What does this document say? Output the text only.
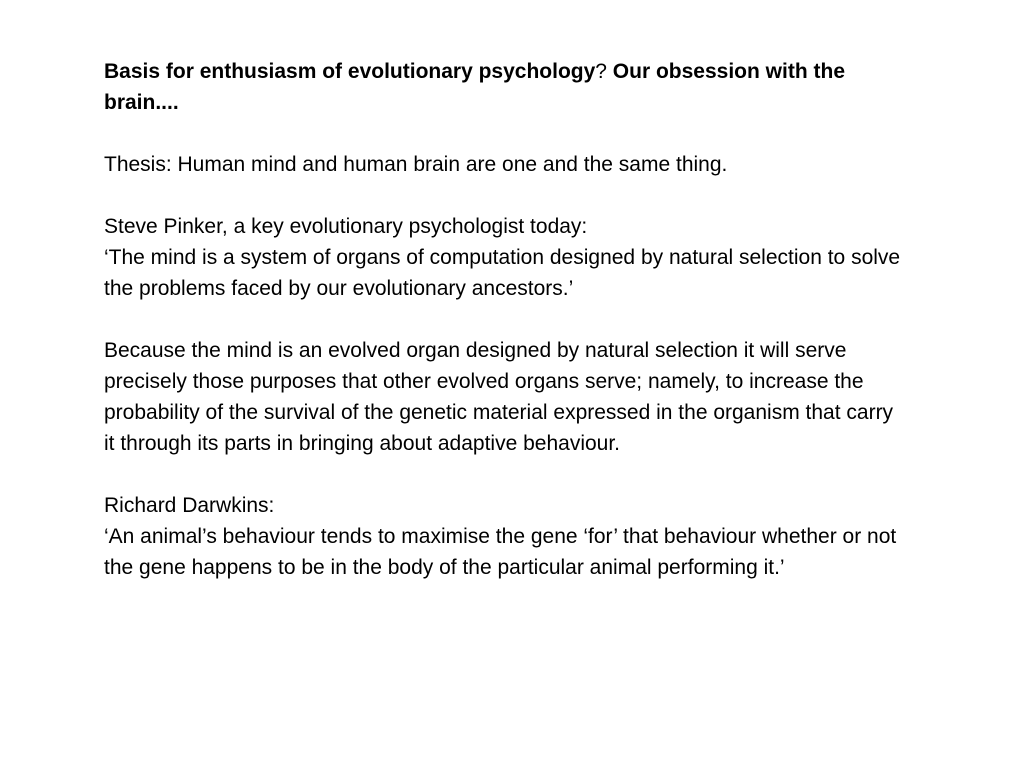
Basis for enthusiasm of evolutionary psychology? Our obsession with the brain....

Thesis: Human mind and human brain are one and the same thing.

Steve Pinker, a key evolutionary psychologist today:

‘The mind is a system of organs of computation designed by natural selection to solve the problems faced by our evolutionary ancestors.’

Because the mind is an evolved organ designed by natural selection it will serve precisely those purposes that other evolved organs serve; namely, to increase the probability of the survival of the genetic material expressed in the organism that carry it through its parts in bringing about adaptive behaviour.

Richard Darwkins:

‘An animal’s behaviour tends to maximise the gene ‘for’ that behaviour whether or not the gene happens to be in the body of the particular animal performing it.’
